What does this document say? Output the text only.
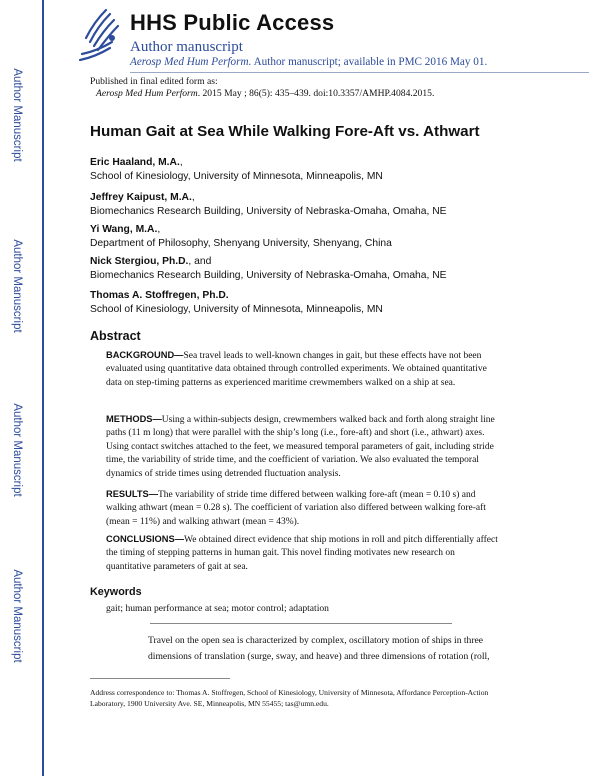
HHS Public Access
Author manuscript
Aerosp Med Hum Perform. Author manuscript; available in PMC 2016 May 01.
Author Manuscript
Author Manuscript
Author Manuscript
Author Manuscript
Published in final edited form as:
Aerosp Med Hum Perform. 2015 May ; 86(5): 435–439. doi:10.3357/AMHP.4084.2015.
Human Gait at Sea While Walking Fore-Aft vs. Athwart
Eric Haaland, M.A.,
School of Kinesiology, University of Minnesota, Minneapolis, MN
Jeffrey Kaipust, M.A.,
Biomechanics Research Building, University of Nebraska-Omaha, Omaha, NE
Yi Wang, M.A.,
Department of Philosophy, Shenyang University, Shenyang, China
Nick Stergiou, Ph.D., and
Biomechanics Research Building, University of Nebraska-Omaha, Omaha, NE
Thomas A. Stoffregen, Ph.D.
School of Kinesiology, University of Minnesota, Minneapolis, MN
Abstract
BACKGROUND—Sea travel leads to well-known changes in gait, but these effects have not been evaluated using quantitative data obtained through controlled experiments. We obtained quantitative data on step-timing patterns as experienced maritime crewmembers walked on a ship at sea.
METHODS—Using a within-subjects design, crewmembers walked back and forth along straight line paths (11 m long) that were parallel with the ship’s long (i.e., fore-aft) and short (i.e., athwart) axes. Using contact switches attached to the feet, we measured temporal parameters of gait, including stride time, the variability of stride time, and the coefficient of variation. We also evaluated the temporal dynamics of stride times using detrended fluctuation analysis.
RESULTS—The variability of stride time differed between walking fore-aft (mean = 0.10 s) and walking athwart (mean = 0.28 s). The coefficient of variation also differed between walking fore-aft (mean = 11%) and walking athwart (mean = 43%).
CONCLUSIONS—We obtained direct evidence that ship motions in roll and pitch differentially affect the timing of stepping patterns in human gait. This novel finding motivates new research on quantitative parameters of gait at sea.
Keywords
gait; human performance at sea; motor control; adaptation
Travel on the open sea is characterized by complex, oscillatory motion of ships in three dimensions of translation (surge, sway, and heave) and three dimensions of rotation (roll,
Address correspondence to: Thomas A. Stoffregen, School of Kinesiology, University of Minnesota, Affordance Perception-Action Laboratory, 1900 University Ave. SE, Minneapolis, MN 55455; tas@umn.edu.
